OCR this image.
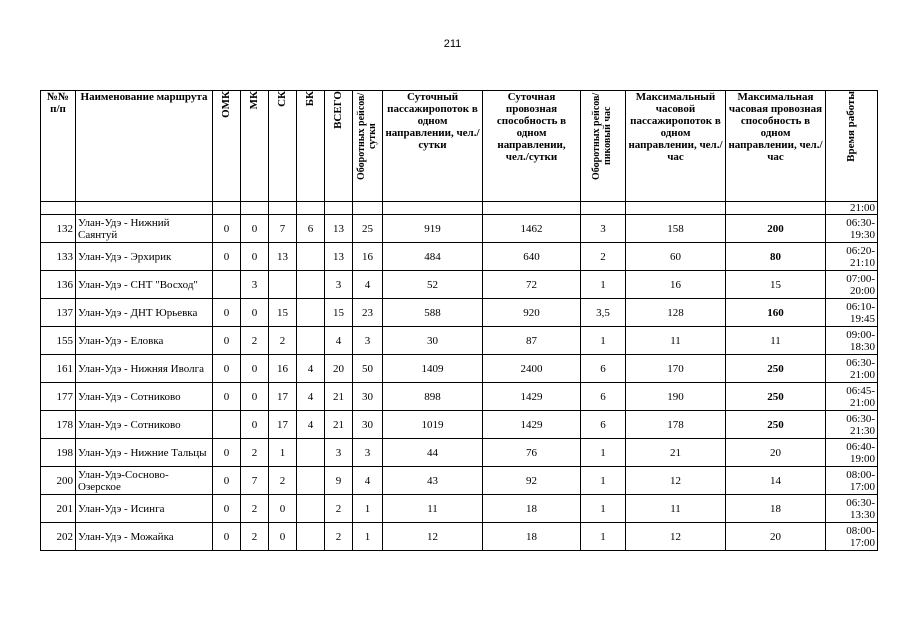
211
№№ п/п	Наименование маршрута	ОМК	МК	СК	БК	ВСЕГО	Оборотных рейсов/сутки	Суточный пассажиропоток в одном направлении, чел./сутки	Суточная провозная способность в одном направлении, чел./сутки	Оборотных рейсов/ пиковый час	Максимальный часовой пассажиропоток в одном направлении, чел./час	Максимальная часовая провозная способность в одном направлении, чел./час	Время работы
													21:00
132	Улан-Удэ - Нижний Саянтуй	0	0	7	6	13	25	919	1462	3	158	200	06:30-
19:30

133	Улан-Удэ - Эрхирик	0	0	13		13	16	484	640	2	60	80	06:20-
21:10

136	Улан-Удэ - СНТ "Восход"		3			3	4	52	72	1	16	15	07:00-
20:00

137	Улан-Удэ - ДНТ Юрьевка	0	0	15		15	23	588	920	3,5	128	160	06:10-
19:45

155	Улан-Удэ - Еловка	0	2	2		4	3	30	87	1	11	11	09:00-
18:30

161	Улан-Удэ - Нижняя Иволга	0	0	16	4	20	50	1409	2400	6	170	250	06:30-
21:00

177	Улан-Удэ - Сотниково	0	0	17	4	21	30	898	1429	6	190	250	06:45-
21:00

178	Улан-Удэ - Сотниково		0	17	4	21	30	1019	1429	6	178	250	06:30-
21:30

198	Улан-Удэ - Нижние Тальцы	0	2	1		3	3	44	76	1	21	20	06:40-
19:00

200	Улан-Удэ-Сосново-Озерское	0	7	2		9	4	43	92	1	12	14	08:00-
17:00

201	Улан-Удэ - Исинга	0	2	0		2	1	11	18	1	11	18	06:30-
13:30

202	Улан-Удэ - Можайка	0	2	0		2	1	12	18	1	12	20	08:00-
17:00
